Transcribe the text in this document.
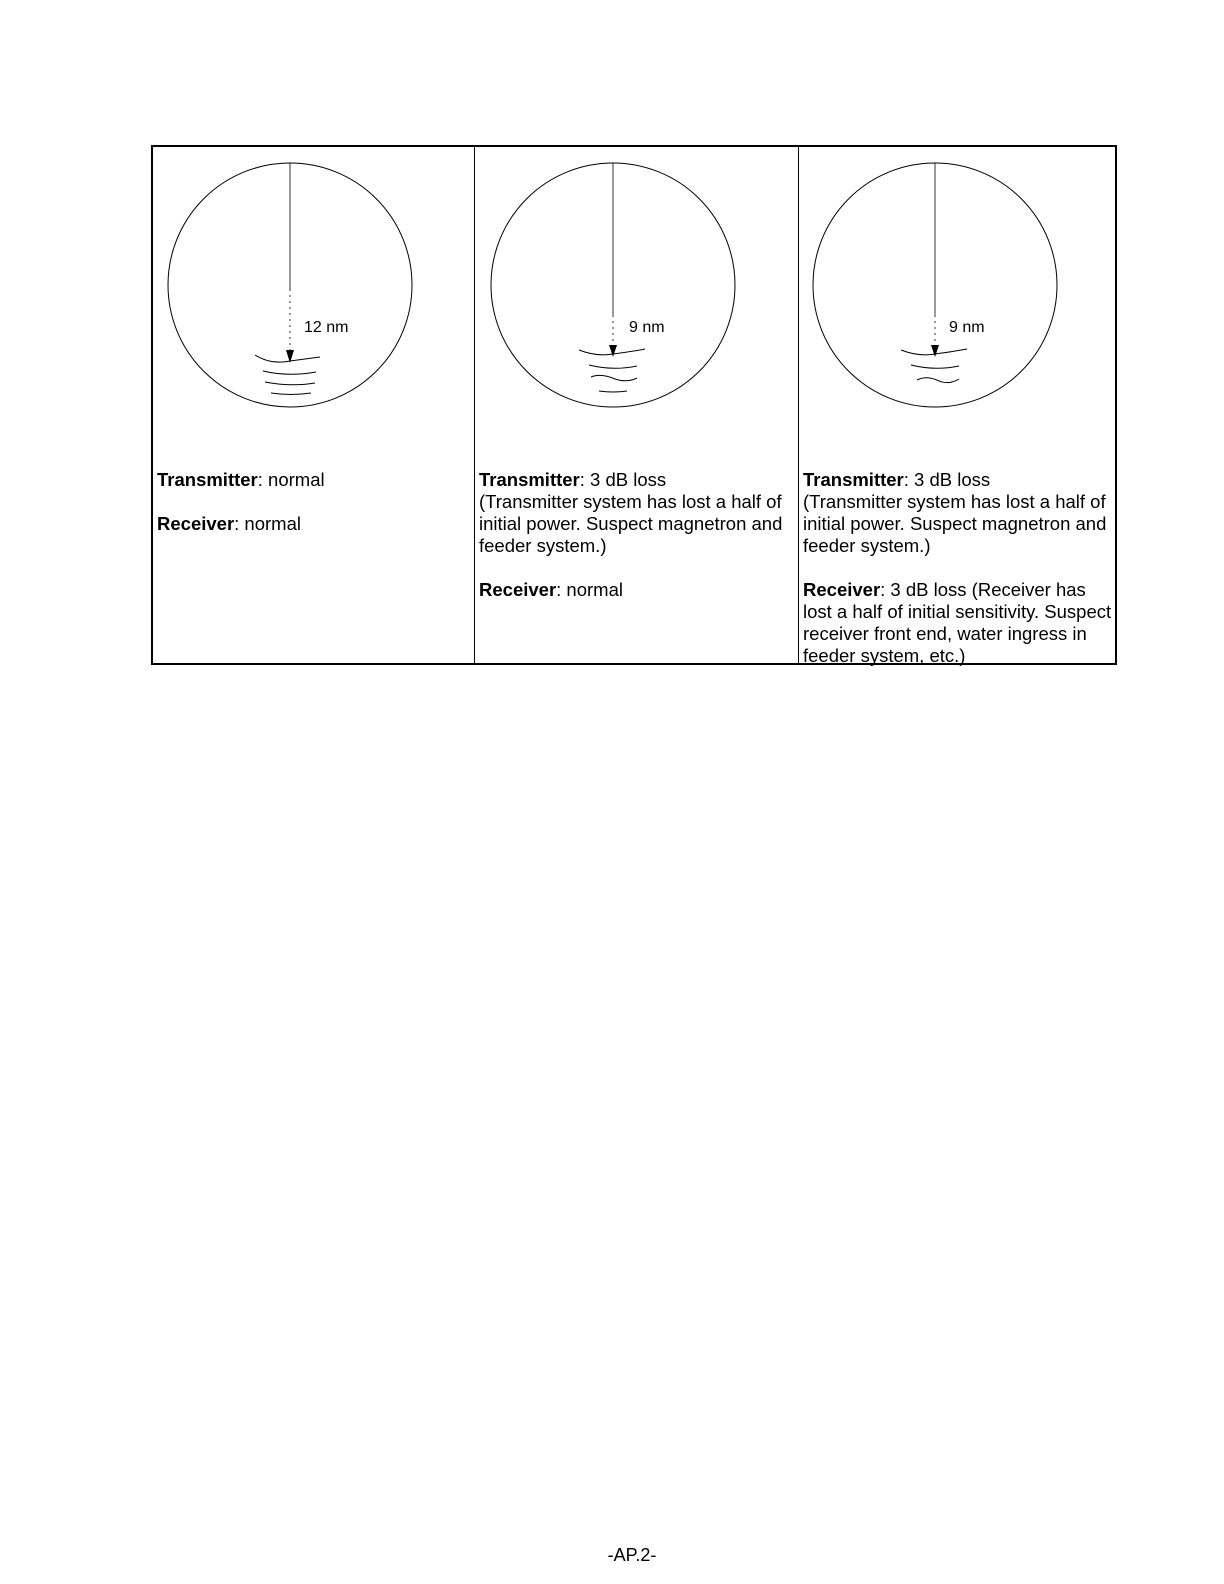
12 nm

Transmitter: normal

Receiver: normal

9 nm

Transmitter: 3 dB loss

(Transmitter system has lost a half of initial power. Suspect magnetron and feeder system.)

Receiver: normal

9 nm

Transmitter: 3 dB loss

(Transmitter system has lost a half of initial power. Suspect magnetron and feeder system.)

Receiver: 3 dB loss (Receiver has lost a half of initial sensitivity. Suspect receiver front end, water ingress in feeder system, etc.)

-AP.2-
